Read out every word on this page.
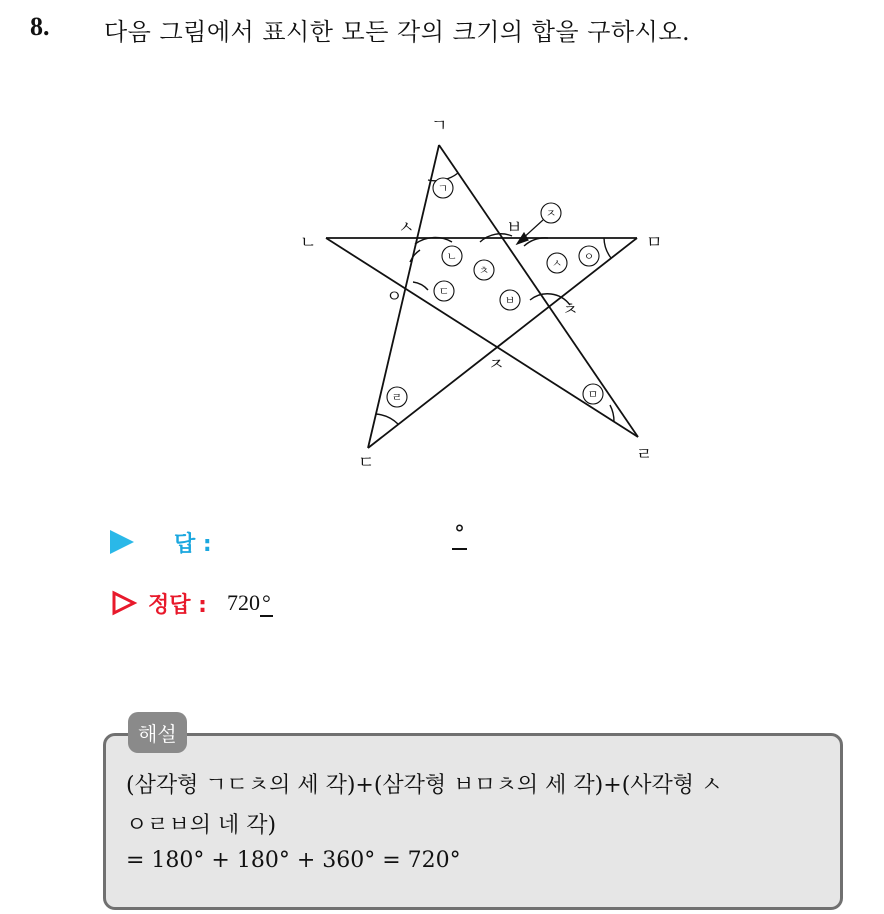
8. 다음 그림에서 표시한 모든 각의 크기의 합을 구하시오.
ㄱ
ㄴ	ㅁ
ㄷ	ㄹ
ㅅ	ㅂ
ㅇ
ㅊ
ㅈ
ㄱ
ㄴ
ㄷ
ㄹ	ㅁ
ㅂ
ㅅ
ㅇ
ㅈ
ㅊ
답 :	°
정답 : 720°
해설
(삼각형 ㄱㄷㅊ의 세 각)+(삼각형 ㅂㅁㅊ의 세 각)+(사각형 ㅅ
ㅇㄹㅂ의 네 각)
= 180° + 180° + 360° = 720°
